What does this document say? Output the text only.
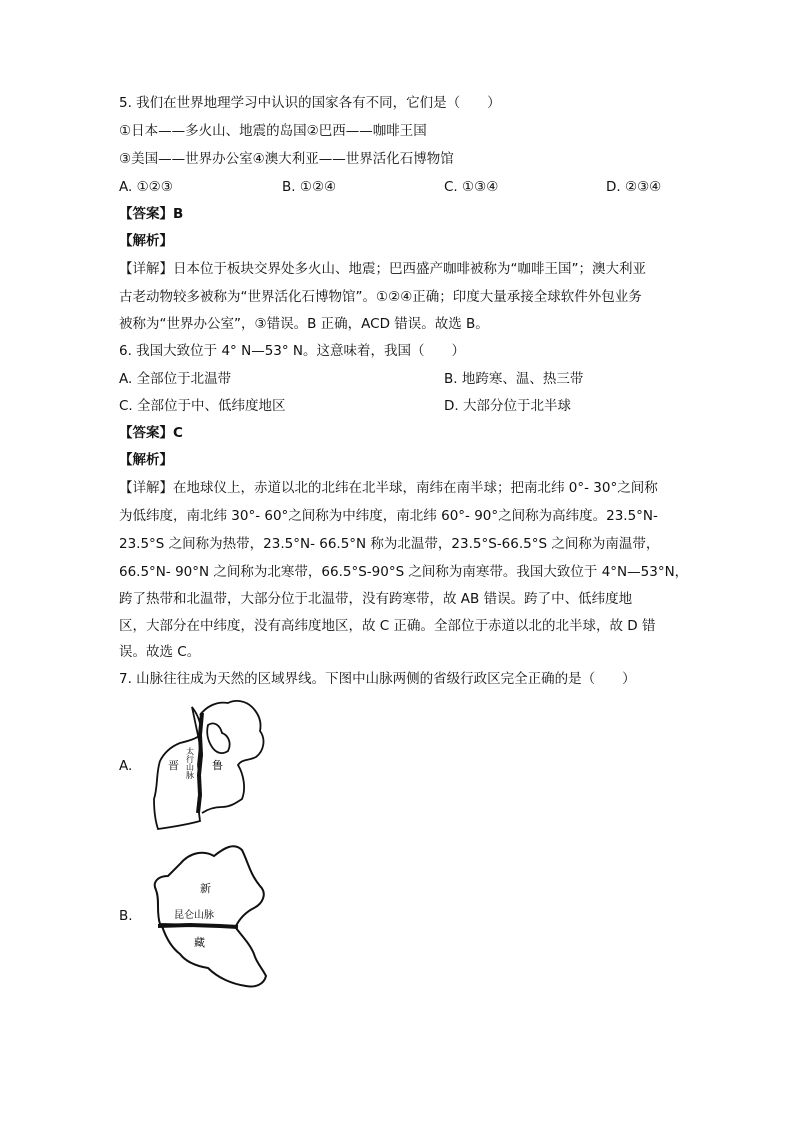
5. 我们在世界地理学习中认识的国家各有不同，它们是（　　）
①日本——多火山、地震的岛国②巴西——咖啡王国
③美国——世界办公室④澳大利亚——世界活化石博物馆
A. ①②③	B. ①②④	C. ①③④	D. ②③④
【答案】B
【解析】
【详解】日本位于板块交界处多火山、地震；巴西盛产咖啡被称为“咖啡王国”；澳大利亚
古老动物较多被称为“世界活化石博物馆”。①②④正确；印度大量承接全球软件外包业务
被称为“世界办公室”，③错误。B 正确，ACD 错误。故选 B。
6. 我国大致位于 4° N—53° N。这意味着，我国（　　）
A. 全部位于北温带	B. 地跨寒、温、热三带
C. 全部位于中、低纬度地区	D. 大部分位于北半球
【答案】C
【解析】
【详解】在地球仪上，赤道以北的北纬在北半球，南纬在南半球；把南北纬 0°- 30°之间称
为低纬度，南北纬 30°- 60°之间称为中纬度，南北纬 60°- 90°之间称为高纬度。23.5°N-
23.5°S 之间称为热带，23.5°N- 66.5°N 称为北温带，23.5°S-66.5°S 之间称为南温带，
66.5°N- 90°N 之间称为北寒带，66.5°S-90°S 之间称为南寒带。我国大致位于 4°N—53°N，
跨了热带和北温带，大部分位于北温带，没有跨寒带，故 AB 错误。跨了中、低纬度地
区，大部分在中纬度，没有高纬度地区，故 C 正确。全部位于赤道以北的北半球，故 D 错
误。故选 C。
7. 山脉往往成为天然的区域界线。下图中山脉两侧的省级行政区完全正确的是（　　）
A.	太行山脉
晋	鲁
B.	昆仑山脉
新
藏
